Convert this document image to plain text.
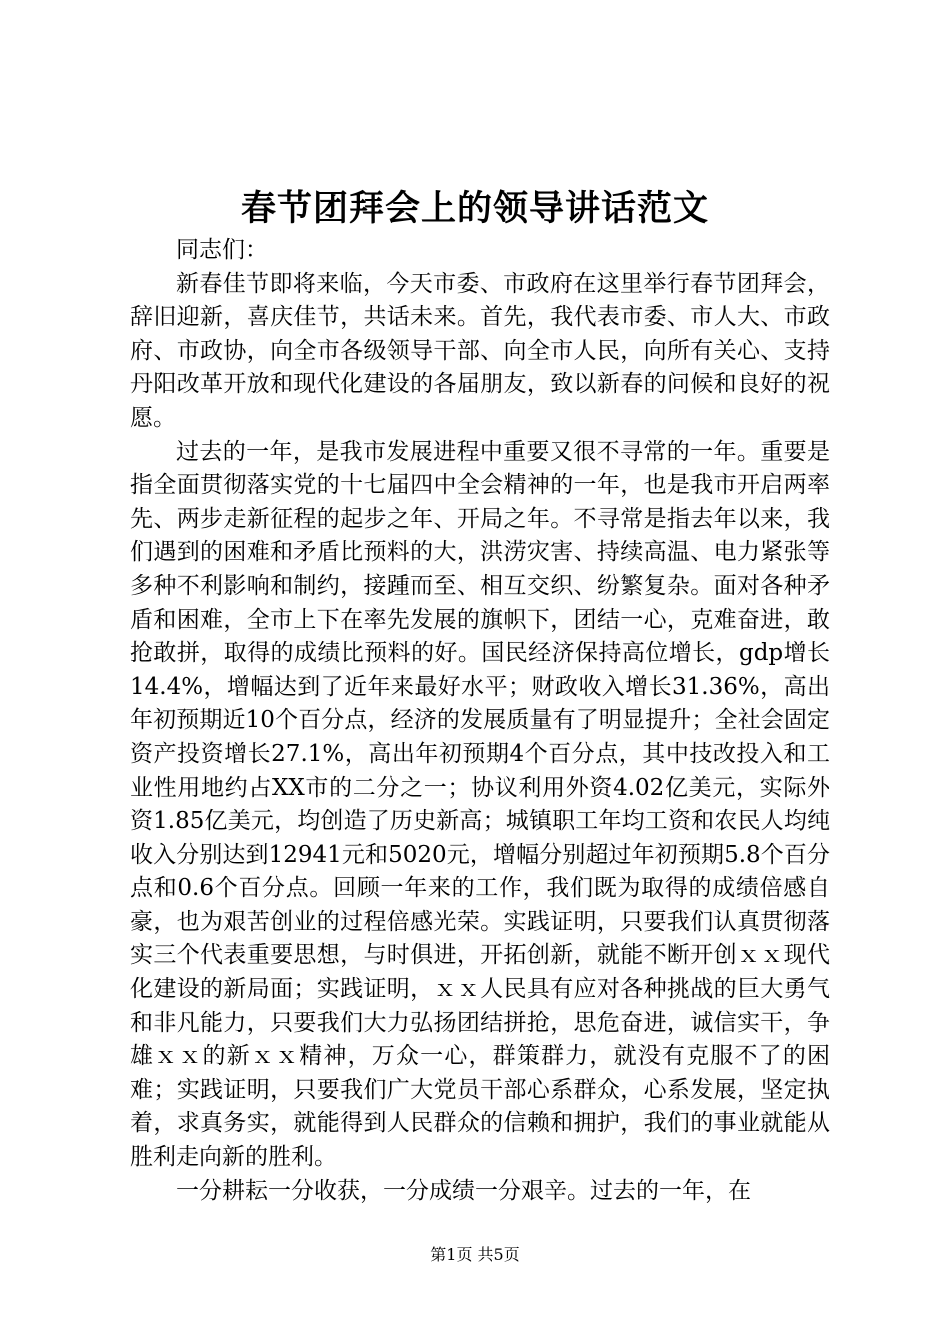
春节团拜会上的领导讲话范文

同志们：

新春佳节即将来临，今天市委、市政府在这里举行春节团拜会，辞旧迎新，喜庆佳节，共话未来。首先，我代表市委、市人大、市政府、市政协，向全市各级领导干部、向全市人民，向所有关心、支持丹阳改革开放和现代化建设的各届朋友，致以新春的问候和良好的祝愿。

过去的一年，是我市发展进程中重要又很不寻常的一年。重要是指全面贯彻落实党的十七届四中全会精神的一年，也是我市开启两率先、两步走新征程的起步之年、开局之年。不寻常是指去年以来，我们遇到的困难和矛盾比预料的大，洪涝灾害、持续高温、电力紧张等多种不利影响和制约，接踵而至、相互交织、纷繁复杂。面对各种矛盾和困难，全市上下在率先发展的旗帜下，团结一心，克难奋进，敢抢敢拼，取得的成绩比预料的好。国民经济保持高位增长，gdp增长14.4%，增幅达到了近年来最好水平；财政收入增长31.36%，高出年初预期近10个百分点，经济的发展质量有了明显提升；全社会固定资产投资增长27.1%，高出年初预期4个百分点，其中技改投入和工业性用地约占XX市的二分之一；协议利用外资4.02亿美元，实际外资1.85亿美元，均创造了历史新高；城镇职工年均工资和农民人均纯收入分别达到12941元和5020元，增幅分别超过年初预期5.8个百分点和0.6个百分点。回顾一年来的工作，我们既为取得的成绩倍感自豪，也为艰苦创业的过程倍感光荣。实践证明，只要我们认真贯彻落实三个代表重要思想，与时俱进，开拓创新，就能不断开创ｘｘ现代化建设的新局面；实践证明，ｘｘ人民具有应对各种挑战的巨大勇气和非凡能力，只要我们大力弘扬团结拼抢，思危奋进，诚信实干，争雄ｘｘ的新ｘｘ精神，万众一心，群策群力，就没有克服不了的困难；实践证明，只要我们广大党员干部心系群众，心系发展，坚定执着，求真务实，就能得到人民群众的信赖和拥护，我们的事业就能从胜利走向新的胜利。

一分耕耘一分收获，一分成绩一分艰辛。过去的一年，在

第1页 共5页
